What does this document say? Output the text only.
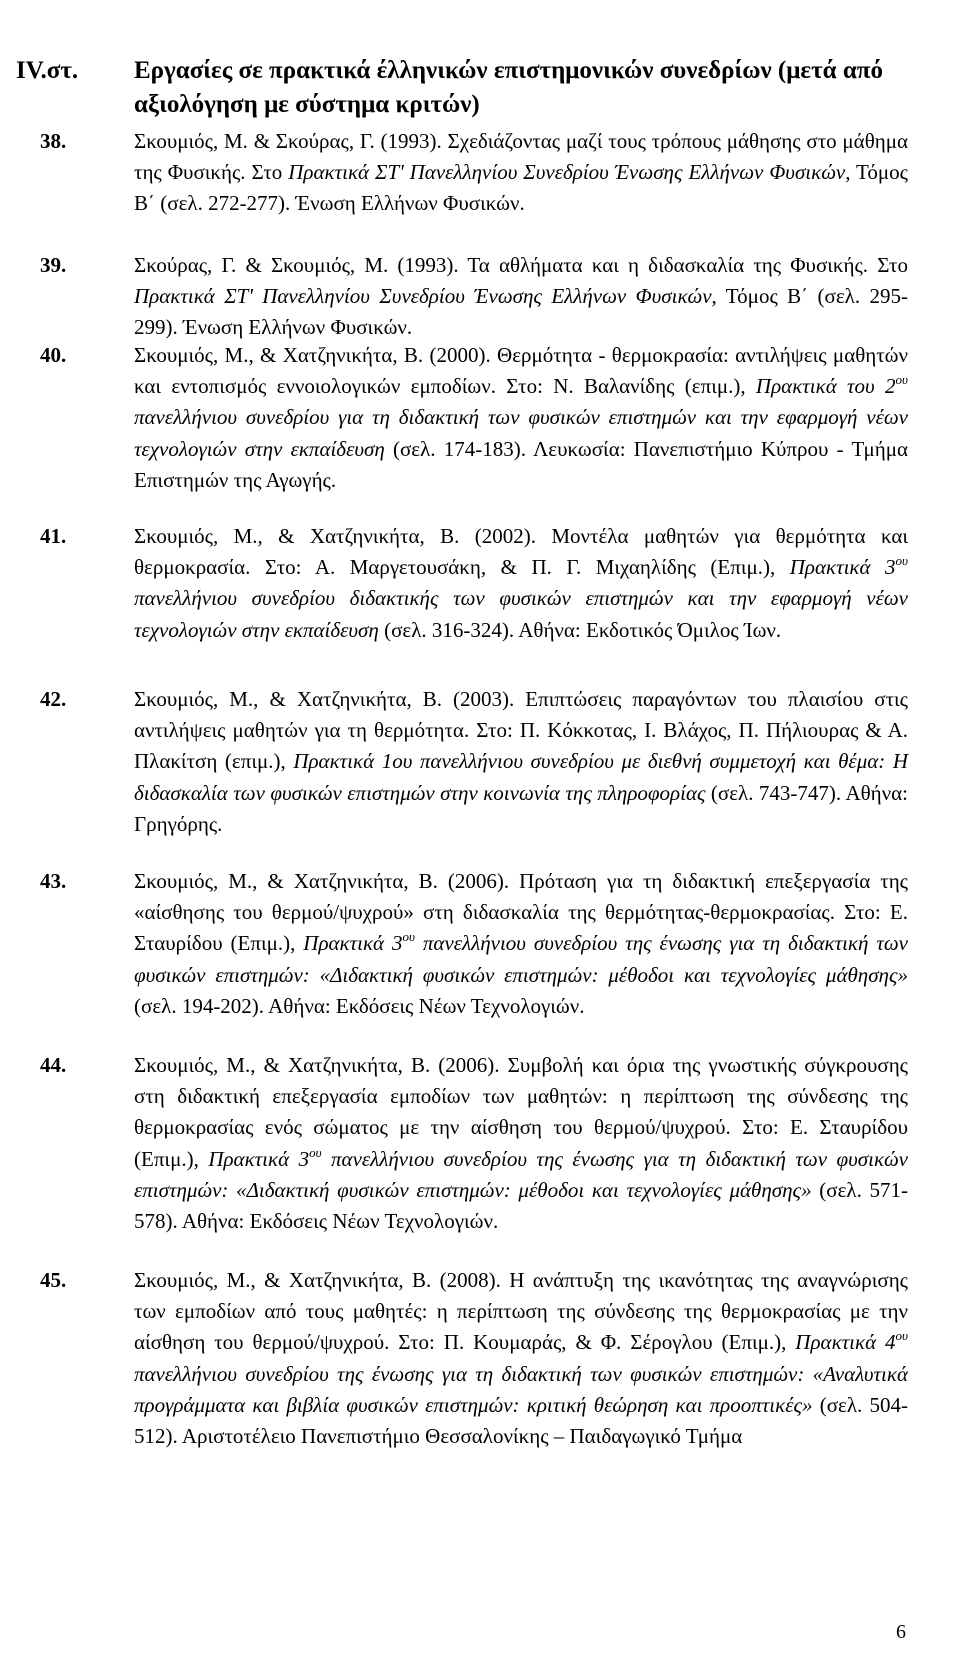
IV.στ.	Εργασίες σε πρακτικά έλληνικών επιστημονικών συνεδρίων (μετά από αξιολόγηση με σύστημα κριτών)
38.	Σκουμιός, Μ. & Σκούρας, Γ. (1993). Σχεδιάζοντας μαζί τους τρόπους μάθησης στο μάθημα της Φυσικής. Στο Πρακτικά ΣΤ' Πανελληνίου Συνεδρίου Ένωσης Ελλήνων Φυσικών, Τόμος Β΄ (σελ. 272-277). Ένωση Ελλήνων Φυσικών.
39.	Σκούρας, Γ. & Σκουμιός, Μ. (1993). Τα αθλήματα και η διδασκαλία της Φυσικής. Στο Πρακτικά ΣΤ' Πανελληνίου Συνεδρίου Ένωσης Ελλήνων Φυσικών, Τόμος Β΄ (σελ. 295-299). Ένωση Ελλήνων Φυσικών.
40.	Σκουμιός, Μ., & Χατζηνικήτα, Β. (2000). Θερμότητα - θερμοκρασία: αντιλήψεις μαθητών και εντοπισμός εννοιολογικών εμποδίων. Στο: Ν. Βαλανίδης (επιμ.), Πρακτικά του $2^{o\upsilon}$ πανελλήνιου συνεδρίου για τη διδακτική των φυσικών επιστημών και την εφαρμογή νέων τεχνολογιών στην εκπαίδευση (σελ. 174-183). Λευκωσία: Πανεπιστήμιο Κύπρου - Τμήμα Επιστημών της Αγωγής.
41.	Σκουμιός, Μ., & Χατζηνικήτα, Β. (2002). Μοντέλα μαθητών για θερμότητα και θερμοκρασία. Στο: Α. Μαργετουσάκη, & Π. Γ. Μιχαηλίδης (Επιμ.), Πρακτικά $3^{o\upsilon}$ πανελλήνιου συνεδρίου διδακτικής των φυσικών επιστημών και την εφαρμογή νέων τεχνολογιών στην εκπαίδευση (σελ. 316-324). Αθήνα: Εκδοτικός Όμιλος Ίων.
42.	Σκουμιός, Μ., & Χατζηνικήτα, Β. (2003). Επιπτώσεις παραγόντων του πλαισίου στις αντιλήψεις μαθητών για τη θερμότητα. Στο: Π. Κόκκοτας, Ι. Βλάχος, Π. Πήλιουρας & Α. Πλακίτση (επιμ.), Πρακτικά 1ου πανελλήνιου συνεδρίου με διεθνή συμμετοχή και θέμα: Η διδασκαλία των φυσικών επιστημών στην κοινωνία της πληροφορίας (σελ. 743-747). Αθήνα: Γρηγόρης.
43.	Σκουμιός, Μ., & Χατζηνικήτα, Β. (2006). Πρόταση για τη διδακτική επεξεργασία της «αίσθησης του θερμού/ψυχρού» στη διδασκαλία της θερμότητας-θερμοκρασίας. Στο: Ε. Σταυρίδου (Επιμ.), Πρακτικά $3^{o\upsilon}$ πανελλήνιου συνεδρίου της ένωσης για τη διδακτική των φυσικών επιστημών: «Διδακτική φυσικών επιστημών: μέθοδοι και τεχνολογίες μάθησης» (σελ. 194-202). Αθήνα: Εκδόσεις Νέων Τεχνολογιών.
44.	Σκουμιός, Μ., & Χατζηνικήτα, Β. (2006). Συμβολή και όρια της γνωστικής σύγκρουσης στη διδακτική επεξεργασία εμποδίων των μαθητών: η περίπτωση της σύνδεσης της θερμοκρασίας ενός σώματος με την αίσθηση του θερμού/ψυχρού. Στο: Ε. Σταυρίδου (Επιμ.), Πρακτικά $3^{o\upsilon}$ πανελλήνιου συνεδρίου της ένωσης για τη διδακτική των φυσικών επιστημών: «Διδακτική φυσικών επιστημών: μέθοδοι και τεχνολογίες μάθησης» (σελ. 571-578). Αθήνα: Εκδόσεις Νέων Τεχνολογιών.
45.	Σκουμιός, Μ., & Χατζηνικήτα, Β. (2008). Η ανάπτυξη της ικανότητας της αναγνώρισης των εμποδίων από τους μαθητές: η περίπτωση της σύνδεσης της θερμοκρασίας με την αίσθηση του θερμού/ψυχρού. Στο: Π. Κουμαράς, & Φ. Σέρογλου (Επιμ.), Πρακτικά $4^{o\upsilon}$ πανελλήνιου συνεδρίου της ένωσης για τη διδακτική των φυσικών επιστημών: «Αναλυτικά προγράμματα και βιβλία φυσικών επιστημών: κριτική θεώρηση και προοπτικές» (σελ. 504-512). Αριστοτέλειο Πανεπιστήμιο Θεσσαλονίκης – Παιδαγωγικό Τμήμα
6
